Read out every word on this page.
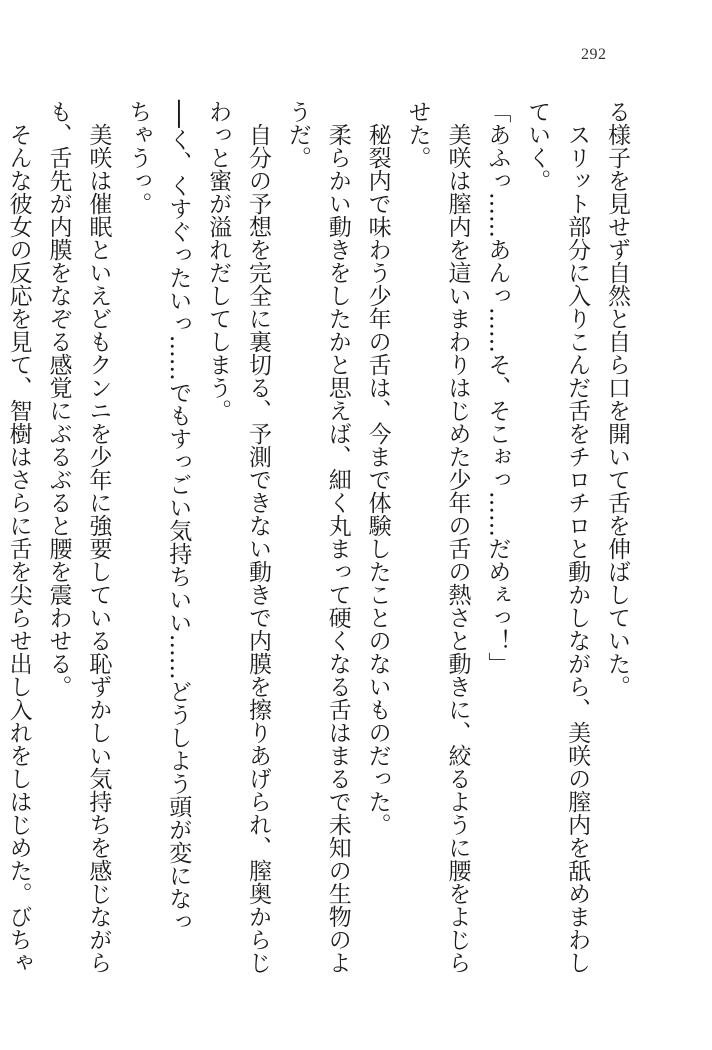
292

る様子を見せず自然と自ら口を開いて舌を伸ばしていた。

　スリット部分に入りこんだ舌をチロチロと動かしながら、美咲の膣内を舐めまわし

ていく。

「あふっ……あんっ……そ、そこぉっ……だめぇっ！」

　美咲は膣内を這いまわりはじめた少年の舌の熱さと動きに、絞るように腰をよじら

せた。

　秘裂内で味わう少年の舌は、今まで体験したことのないものだった。

　柔らかい動きをしたかと思えば、細く丸まって硬くなる舌はまるで未知の生物のよ

うだ。

　自分の予想を完全に裏切る、予測できない動きで内膜を擦りあげられ、膣奥からじ

わっと蜜が溢れだしてしまう。

──く、くすぐったいっ……でもすっごい気持ちいい……どうしよう頭が変になっ

ちゃうっ。

　美咲は催眠といえどもクンニを少年に強要している恥ずかしい気持ちを感じながら

も、舌先が内膜をなぞる感覚にぶるぶると腰を震わせる。

　そんな彼女の反応を見て、智樹はさらに舌を尖らせ出し入れをしはじめた。びちゃ
